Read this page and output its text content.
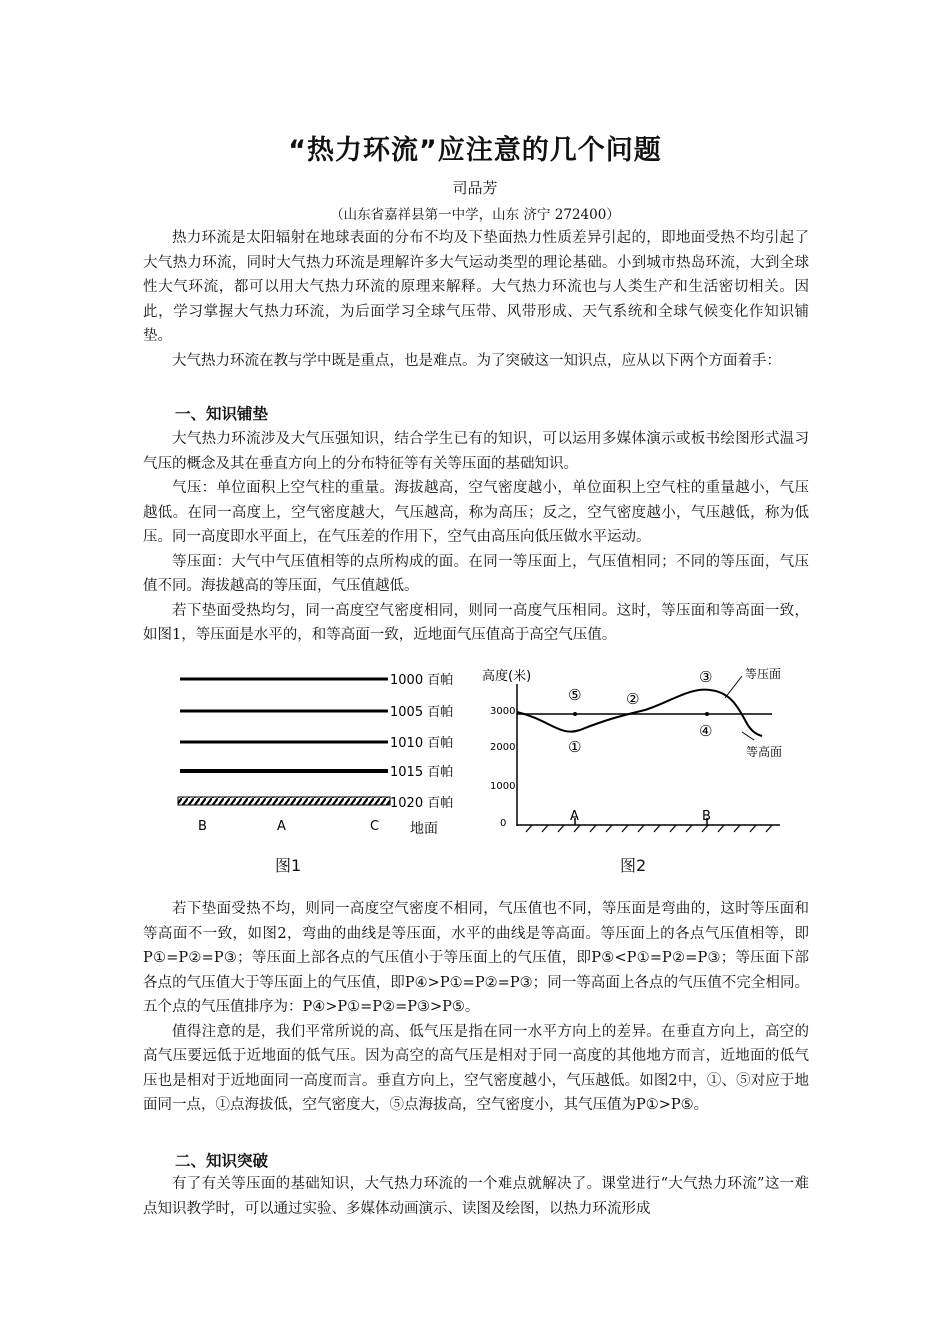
“热力环流”应注意的几个问题
司品芳
（山东省嘉祥县第一中学，山东 济宁 272400）

热力环流是太阳辐射在地球表面的分布不均及下垫面热力性质差异引起的，即地面受热不均引起了大气热力环流，同时大气热力环流是理解许多大气运动类型的理论基础。小到城市热岛环流，大到全球性大气环流，都可以用大气热力环流的原理来解释。大气热力环流也与人类生产和生活密切相关。因此，学习掌握大气热力环流，为后面学习全球气压带、风带形成、天气系统和全球气候变化作知识铺垫。

大气热力环流在教与学中既是重点，也是难点。为了突破这一知识点，应从以下两个方面着手：

一、知识铺垫

大气热力环流涉及大气压强知识，结合学生已有的知识，可以运用多媒体演示或板书绘图形式温习气压的概念及其在垂直方向上的分布特征等有关等压面的基础知识。

气压：单位面积上空气柱的重量。海拔越高，空气密度越小，单位面积上空气柱的重量越小，气压越低。在同一高度上，空气密度越大，气压越高，称为高压；反之，空气密度越小，气压越低，称为低压。同一高度即水平面上，在气压差的作用下，空气由高压向低压做水平运动。

等压面：大气中气压值相等的点所构成的面。在同一等压面上，气压值相同；不同的等压面，气压值不同。海拔越高的等压面，气压值越低。

若下垫面受热均匀，同一高度空气密度相同，则同一高度气压相同。这时，等压面和等高面一致，如图1，等压面是水平的，和等高面一致，近地面气压值高于高空气压值。

1000 百帕
1005 百帕
1010 百帕
1015 百帕
1020 百帕
B	A	C 地面
高度(米)
3000
2000
1000
0	A	B
⑤	②
③
①
④
等压面
等高面
图1	图2

若下垫面受热不均，则同一高度空气密度不相同，气压值也不同，等压面是弯曲的，这时等压面和等高面不一致，如图2，弯曲的曲线是等压面，水平的曲线是等高面。等压面上的各点气压值相等，即P①=P②=P③；等压面上部各点的气压值小于等压面上的气压值，即P⑤<P①=P②=P③；等压面下部各点的气压值大于等压面上的气压值，即P④>P①=P②=P③；同一等高面上各点的气压值不完全相同。五个点的气压值排序为：P④>P①=P②=P③>P⑤。

值得注意的是，我们平常所说的高、低气压是指在同一水平方向上的差异。在垂直方向上，高空的高气压要远低于近地面的低气压。因为高空的高气压是相对于同一高度的其他地方而言，近地面的低气压也是相对于近地面同一高度而言。垂直方向上，空气密度越小，气压越低。如图2中，①、⑤对应于地面同一点，①点海拔低，空气密度大，⑤点海拔高，空气密度小，其气压值为P①>P⑤。

二、知识突破

有了有关等压面的基础知识，大气热力环流的一个难点就解决了。课堂进行“大气热力环流”这一难点知识教学时，可以通过实验、多媒体动画演示、读图及绘图，以热力环流形成
